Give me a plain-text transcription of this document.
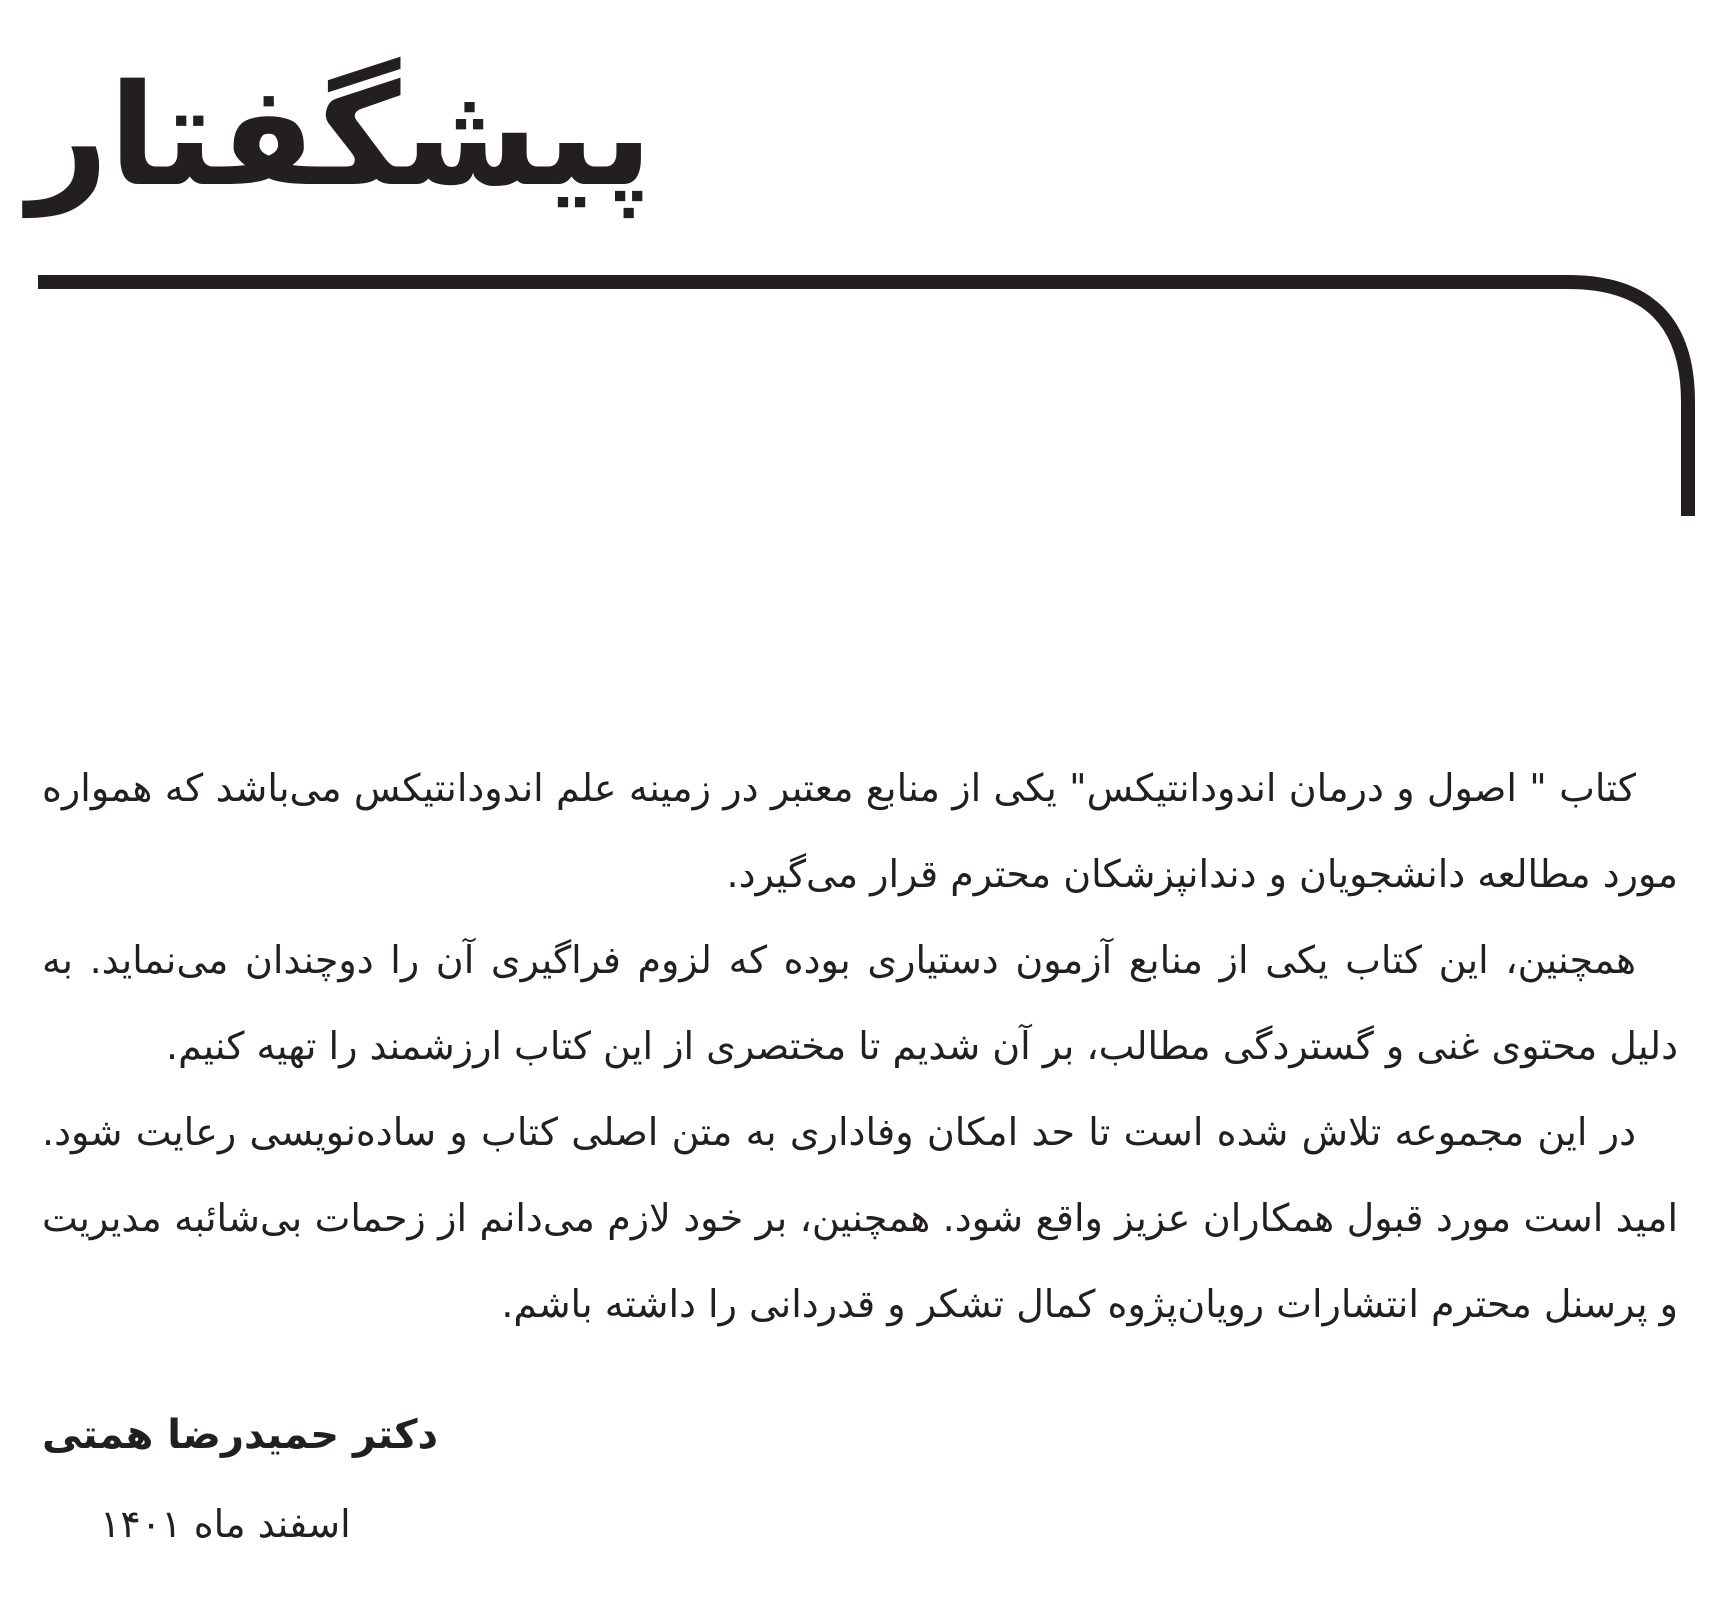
پیشگفتار

کتاب " اصول و درمان اندودانتیکس" یکی از منابع معتبر در زمینه علم اندودانتیکس می‌باشد که همواره مورد مطالعه دانشجویان و دندانپزشکان محترم قرار می‌گیرد.

همچنین، این کتاب یکی از منابع آزمون دستیاری بوده که لزوم فراگیری آن را دوچندان می‌نماید. به دلیل محتوی غنی و گستردگی مطالب، بر آن شدیم تا مختصری از این کتاب ارزشمند را تهیه کنیم.

در این مجموعه تلاش شده است تا حد امکان وفاداری به متن اصلی کتاب و ساده‌نویسی رعایت شود. امید است مورد قبول همکاران عزیز واقع شود. همچنین، بر خود لازم می‌دانم از زحمات بی‌شائبه مدیریت و پرسنل محترم انتشارات رویان‌پژوه کمال تشکر و قدردانی را داشته باشم.

دکتر حمیدرضا همتی
اسفند ماه ۱۴۰۱
